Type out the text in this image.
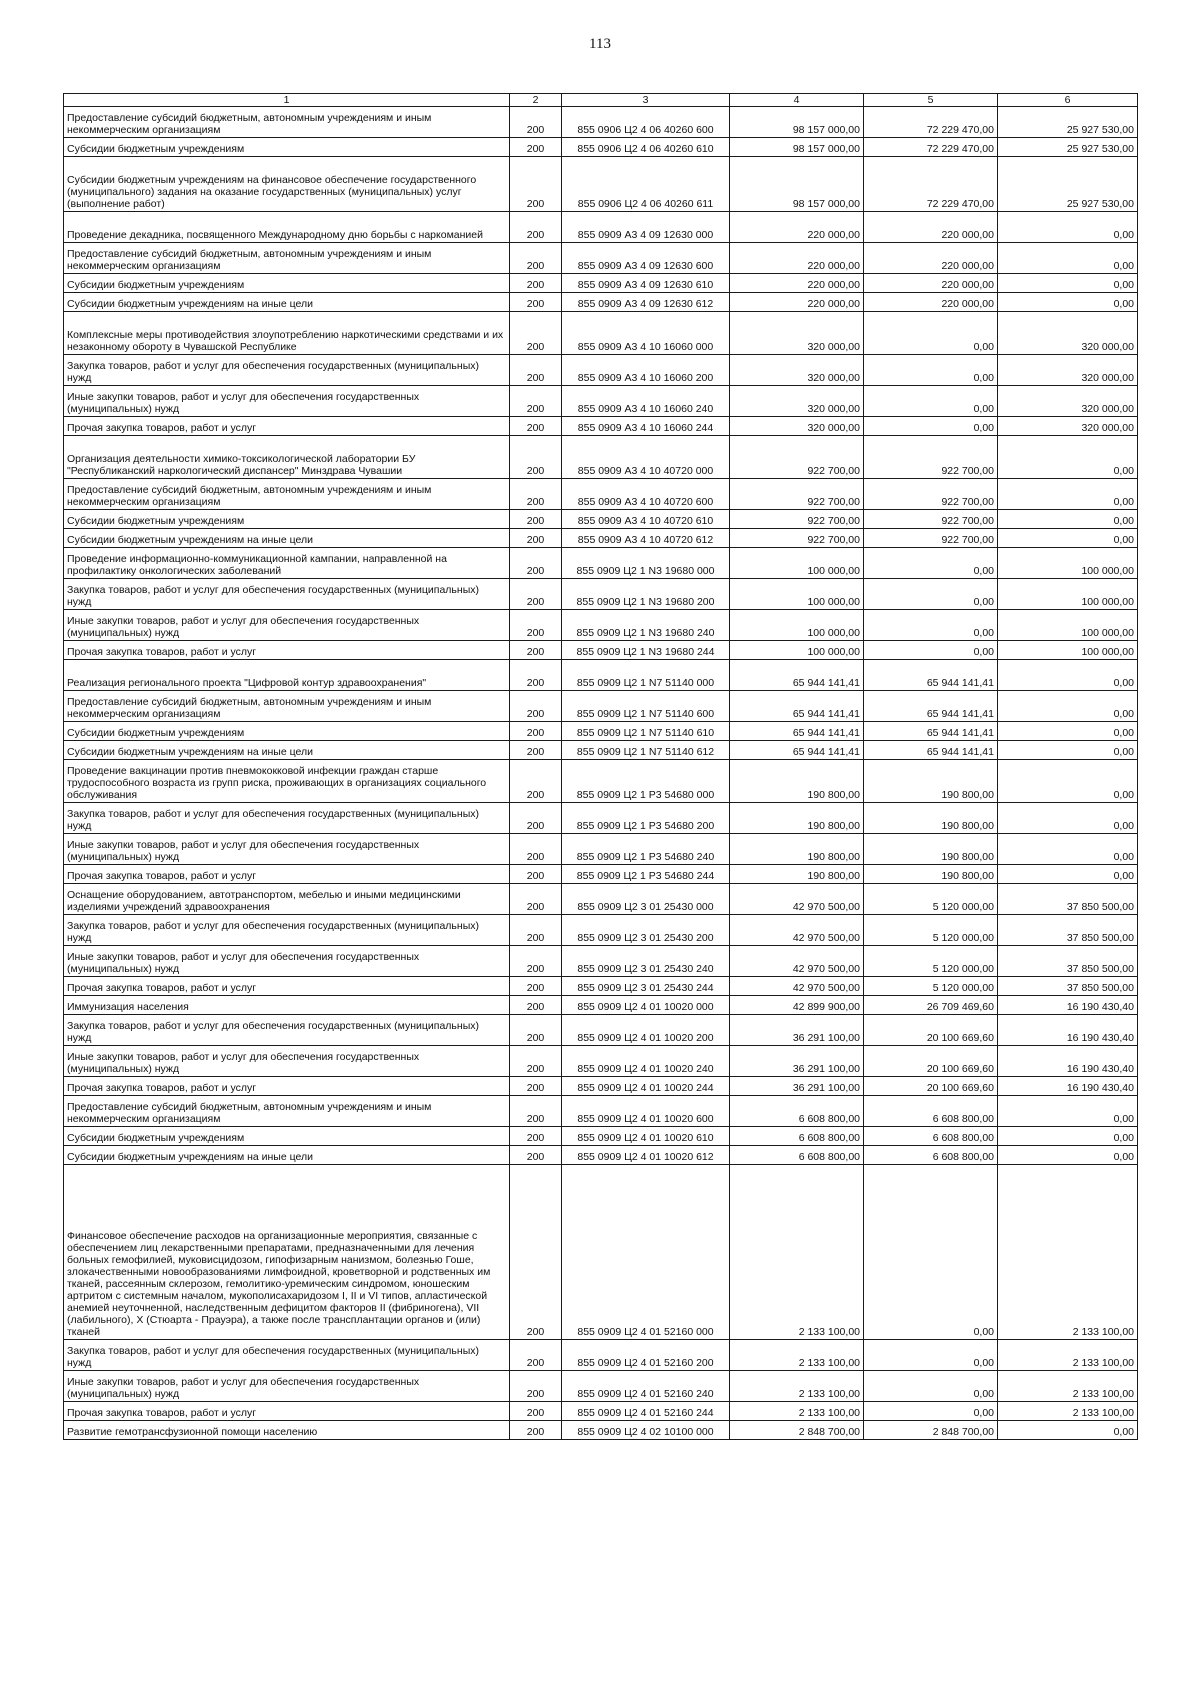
113
1	2	3	4	5	6
Предоставление субсидий бюджетным, автономным учреждениям и иным некоммерческим организациям	200	855 0906 Ц2 4 06 40260 600	98 157 000,00	72 229 470,00	25 927 530,00
Субсидии бюджетным учреждениям	200	855 0906 Ц2 4 06 40260 610	98 157 000,00	72 229 470,00	25 927 530,00
Субсидии бюджетным учреждениям на финансовое обеспечение государственного (муниципального) задания на оказание государственных (муниципальных) услуг (выполнение работ)	200	855 0906 Ц2 4 06 40260 611	98 157 000,00	72 229 470,00	25 927 530,00
Проведение декадника, посвященного Международному дню борьбы с наркоманией	200	855 0909 А3 4 09 12630 000	220 000,00	220 000,00	0,00
Предоставление субсидий бюджетным, автономным учреждениям и иным некоммерческим организациям	200	855 0909 А3 4 09 12630 600	220 000,00	220 000,00	0,00
Субсидии бюджетным учреждениям	200	855 0909 А3 4 09 12630 610	220 000,00	220 000,00	0,00
Субсидии бюджетным учреждениям на иные цели	200	855 0909 А3 4 09 12630 612	220 000,00	220 000,00	0,00
Комплексные меры противодействия злоупотреблению наркотическими средствами и их незаконному обороту в Чувашской Республике	200	855 0909 А3 4 10 16060 000	320 000,00	0,00	320 000,00
Закупка товаров, работ и услуг для обеспечения государственных (муниципальных) нужд	200	855 0909 А3 4 10 16060 200	320 000,00	0,00	320 000,00
Иные закупки товаров, работ и услуг для обеспечения государственных (муниципальных) нужд	200	855 0909 А3 4 10 16060 240	320 000,00	0,00	320 000,00
Прочая закупка товаров, работ и услуг	200	855 0909 А3 4 10 16060 244	320 000,00	0,00	320 000,00
Организация деятельности химико-токсикологической лаборатории БУ "Республиканский наркологический диспансер" Минздрава Чувашии	200	855 0909 А3 4 10 40720 000	922 700,00	922 700,00	0,00
Предоставление субсидий бюджетным, автономным учреждениям и иным некоммерческим организациям	200	855 0909 А3 4 10 40720 600	922 700,00	922 700,00	0,00
Субсидии бюджетным учреждениям	200	855 0909 А3 4 10 40720 610	922 700,00	922 700,00	0,00
Субсидии бюджетным учреждениям на иные цели	200	855 0909 А3 4 10 40720 612	922 700,00	922 700,00	0,00
Проведение информационно-коммуникационной кампании, направленной на профилактику онкологических заболеваний	200	855 0909 Ц2 1 N3 19680 000	100 000,00	0,00	100 000,00
Закупка товаров, работ и услуг для обеспечения государственных (муниципальных) нужд	200	855 0909 Ц2 1 N3 19680 200	100 000,00	0,00	100 000,00
Иные закупки товаров, работ и услуг для обеспечения государственных (муниципальных) нужд	200	855 0909 Ц2 1 N3 19680 240	100 000,00	0,00	100 000,00
Прочая закупка товаров, работ и услуг	200	855 0909 Ц2 1 N3 19680 244	100 000,00	0,00	100 000,00
Реализация регионального проекта "Цифровой контур здравоохранения"	200	855 0909 Ц2 1 N7 51140 000	65 944 141,41	65 944 141,41	0,00
Предоставление субсидий бюджетным, автономным учреждениям и иным некоммерческим организациям	200	855 0909 Ц2 1 N7 51140 600	65 944 141,41	65 944 141,41	0,00
Субсидии бюджетным учреждениям	200	855 0909 Ц2 1 N7 51140 610	65 944 141,41	65 944 141,41	0,00
Субсидии бюджетным учреждениям на иные цели	200	855 0909 Ц2 1 N7 51140 612	65 944 141,41	65 944 141,41	0,00
Проведение вакцинации против пневмококковой инфекции граждан старше трудоспособного возраста из групп риска, проживающих в организациях социального обслуживания	200	855 0909 Ц2 1 P3 54680 000	190 800,00	190 800,00	0,00
Закупка товаров, работ и услуг для обеспечения государственных (муниципальных) нужд	200	855 0909 Ц2 1 P3 54680 200	190 800,00	190 800,00	0,00
Иные закупки товаров, работ и услуг для обеспечения государственных (муниципальных) нужд	200	855 0909 Ц2 1 P3 54680 240	190 800,00	190 800,00	0,00
Прочая закупка товаров, работ и услуг	200	855 0909 Ц2 1 P3 54680 244	190 800,00	190 800,00	0,00
Оснащение оборудованием, автотранспортом, мебелью и иными медицинскими изделиями учреждений здравоохранения	200	855 0909 Ц2 3 01 25430 000	42 970 500,00	5 120 000,00	37 850 500,00
Закупка товаров, работ и услуг для обеспечения государственных (муниципальных) нужд	200	855 0909 Ц2 3 01 25430 200	42 970 500,00	5 120 000,00	37 850 500,00
Иные закупки товаров, работ и услуг для обеспечения государственных (муниципальных) нужд	200	855 0909 Ц2 3 01 25430 240	42 970 500,00	5 120 000,00	37 850 500,00
Прочая закупка товаров, работ и услуг	200	855 0909 Ц2 3 01 25430 244	42 970 500,00	5 120 000,00	37 850 500,00
Иммунизация населения	200	855 0909 Ц2 4 01 10020 000	42 899 900,00	26 709 469,60	16 190 430,40
Закупка товаров, работ и услуг для обеспечения государственных (муниципальных) нужд	200	855 0909 Ц2 4 01 10020 200	36 291 100,00	20 100 669,60	16 190 430,40
Иные закупки товаров, работ и услуг для обеспечения государственных (муниципальных) нужд	200	855 0909 Ц2 4 01 10020 240	36 291 100,00	20 100 669,60	16 190 430,40
Прочая закупка товаров, работ и услуг	200	855 0909 Ц2 4 01 10020 244	36 291 100,00	20 100 669,60	16 190 430,40
Предоставление субсидий бюджетным, автономным учреждениям и иным некоммерческим организациям	200	855 0909 Ц2 4 01 10020 600	6 608 800,00	6 608 800,00	0,00
Субсидии бюджетным учреждениям	200	855 0909 Ц2 4 01 10020 610	6 608 800,00	6 608 800,00	0,00
Субсидии бюджетным учреждениям на иные цели	200	855 0909 Ц2 4 01 10020 612	6 608 800,00	6 608 800,00	0,00
Финансовое обеспечение расходов на организационные мероприятия, связанные с обеспечением лиц лекарственными препаратами, предназначенными для лечения больных гемофилией, муковисцидозом, гипофизарным нанизмом, болезнью Гоше, злокачественными новообразованиями лимфоидной, кроветворной и родственных им тканей, рассеянным склерозом, гемолитико-уремическим синдромом, юношеским артритом с системным началом, мукополисахаридозом I, II и VI типов, апластической анемией неуточненной, наследственным дефицитом факторов II (фибриногена), VII (лабильного), X (Стюарта - Прауэра), а также после трансплантации органов и (или) тканей	200	855 0909 Ц2 4 01 52160 000	2 133 100,00	0,00	2 133 100,00
Закупка товаров, работ и услуг для обеспечения государственных (муниципальных) нужд	200	855 0909 Ц2 4 01 52160 200	2 133 100,00	0,00	2 133 100,00
Иные закупки товаров, работ и услуг для обеспечения государственных (муниципальных) нужд	200	855 0909 Ц2 4 01 52160 240	2 133 100,00	0,00	2 133 100,00
Прочая закупка товаров, работ и услуг	200	855 0909 Ц2 4 01 52160 244	2 133 100,00	0,00	2 133 100,00
Развитие гемотрансфузионной помощи населению	200	855 0909 Ц2 4 02 10100 000	2 848 700,00	2 848 700,00	0,00
